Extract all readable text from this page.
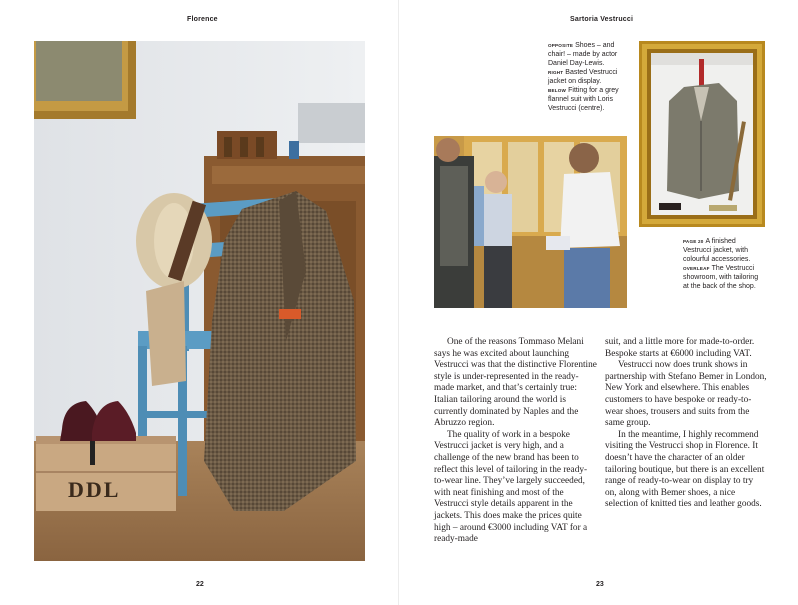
Florence
DDL
22
Sartoria Vestrucci

OPPOSITE Shoes – and chair! – made by actor Daniel Day-Lewis.

RIGHT Basted Vestrucci jacket on display.

BELOW Fitting for a grey flannel suit with Loris Vestrucci (centre).

PAGE 20 A finished Vestrucci jacket, with colourful accessories.

OVERLEAF The Vestrucci showroom, with tailoring at the back of the shop.

One of the reasons Tommaso Melani says he was excited about launching Vestrucci was that the distinctive Florentine style is under-represented in the ready-made market, and that’s certainly true: Italian tailoring around the world is currently dominated by Naples and the Abruzzo region.

The quality of work in a bespoke Vestrucci jacket is very high, and a challenge of the new brand has been to reflect this level of tailoring in the ready-to-wear line. They’ve largely succeeded, with neat finishing and most of the Vestrucci style details apparent in the jackets. This does make the prices quite high – around €3000 including VAT for a ready-made

suit, and a little more for made-to-order. Bespoke starts at €6000 including VAT.

Vestrucci now does trunk shows in partnership with Stefano Bemer in London, New York and elsewhere. This enables customers to have bespoke or ready-to-wear shoes, trousers and suits from the same group.

In the meantime, I highly recommend visiting the Vestrucci shop in Florence. It doesn’t have the character of an older tailoring boutique, but there is an excellent range of ready-to-wear on display to try on, along with Bemer shoes, a nice selection of knitted ties and leather goods.

23
